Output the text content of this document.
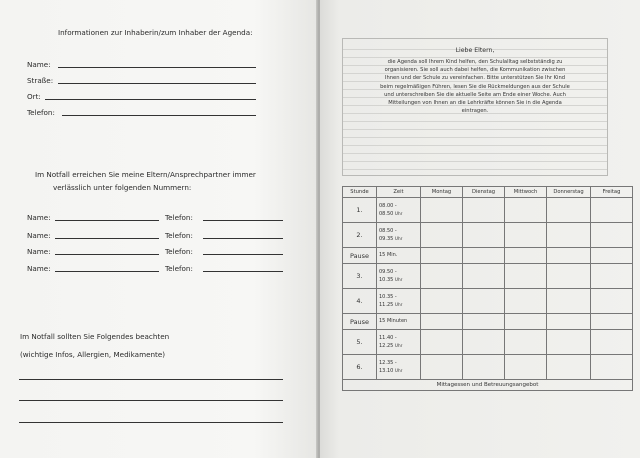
Informationen zur Inhaberin/zum Inhaber der Agenda:
Name:
Straße:
Ort:
Telefon:
Im Notfall erreichen Sie meine Eltern/Ansprechpartner immer
verlässlich unter folgenden Nummern:
Name:	Telefon:
Name:	Telefon:
Name:	Telefon:
Name:	Telefon:
Im Notfall sollten Sie Folgendes beachten
(wichtige Infos, Allergien, Medikamente)
Liebe Eltern,
die Agenda soll Ihrem Kind helfen, den Schulalltag selbstständig zu
organisieren. Sie soll auch dabei helfen, die Kommunikation zwischen
Ihnen und der Schule zu vereinfachen. Bitte unterstützen Sie Ihr Kind
beim regelmäßigen Führen, lesen Sie die Rückmeldungen aus der Schule
und unterschreiben Sie die aktuelle Seite am Ende einer Woche. Auch
Mitteilungen von Ihnen an die Lehrkräfte können Sie in die Agenda
eintragen.
Stunde	Zeit	Montag	Dienstag	Mittwoch	Donnerstag	Freitag
1.	08.00 -
08.50 Uhr					

2.	08.50 -
09.35 Uhr					

Pause	15 Min.					
3.	09.50 -
10.35 Uhr					

4.	10.35 -
11.25 Uhr					

Pause	15 Minuten					
5.	11.40 -
12.25 Uhr					

6.	12.35 -
13.10 Uhr					

Mittagessen und Betreuungsangebot						
